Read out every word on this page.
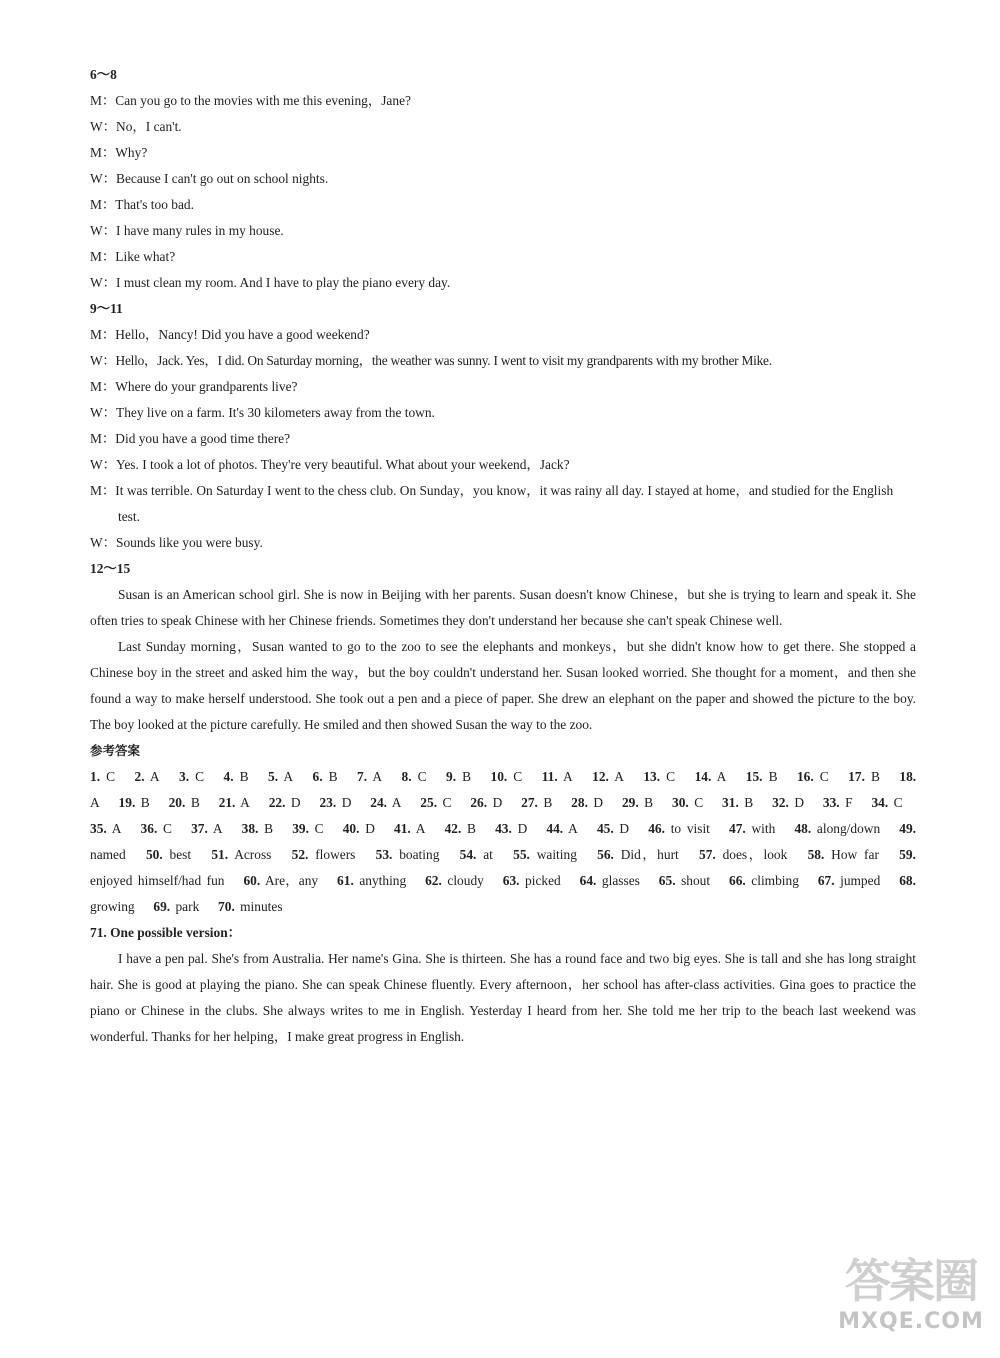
6～8

M：Can you go to the movies with me this evening，Jane?

W：No，I can't.

M：Why?

W：Because I can't go out on school nights.

M：That's too bad.

W：I have many rules in my house.

M：Like what?

W：I must clean my room. And I have to play the piano every day.

9～11

M：Hello，Nancy! Did you have a good weekend?

W：Hello，Jack. Yes，I did. On Saturday morning，the weather was sunny. I went to visit my grandparents with my brother Mike.

M：Where do your grandparents live?

W：They live on a farm. It's 30 kilometers away from the town.

M：Did you have a good time there?

W：Yes. I took a lot of photos. They're very beautiful. What about your weekend，Jack?

M：It was terrible. On Saturday I went to the chess club. On Sunday，you know，it was rainy all day. I stayed at home，and studied for the English test.

W：Sounds like you were busy.

12～15

Susan is an American school girl. She is now in Beijing with her parents. Susan doesn't know Chinese，but she is trying to learn and speak it. She often tries to speak Chinese with her Chinese friends. Sometimes they don't understand her because she can't speak Chinese well.

Last Sunday morning，Susan wanted to go to the zoo to see the elephants and monkeys，but she didn't know how to get there. She stopped a Chinese boy in the street and asked him the way，but the boy couldn't understand her. Susan looked worried. She thought for a moment，and then she found a way to make herself understood. She took out a pen and a piece of paper. She drew an elephant on the paper and showed the picture to the boy. The boy looked at the picture carefully. He smiled and then showed Susan the way to the zoo.

参考答案

1. C  2. A  3. C  4. B  5. A  6. B  7. A  8. C  9. B  10. C  11. A  12. A  13. C  14. A  15. B  16. C  17. B  18. A  19. B  20. B  21. A  22. D  23. D  24. A  25. C  26. D  27. B  28. D  29. B  30. C  31. B  32. D  33. F  34. C  35. A  36. C  37. A  38. B  39. C  40. D  41. A  42. B  43. D  44. A  45. D  46. to visit  47. with  48. along/down  49. named  50. best  51. Across  52. flowers  53. boating  54. at  55. waiting  56. Did，hurt  57. does，look  58. How far  59. enjoyed himself/had fun  60. Are，any  61. anything  62. cloudy  63. picked  64. glasses  65. shout  66. climbing  67. jumped  68. growing  69. park  70. minutes 

71. One possible version：

I have a pen pal. She's from Australia. Her name's Gina. She is thirteen. She has a round face and two big eyes. She is tall and she has long straight hair. She is good at playing the piano. She can speak Chinese fluently. Every afternoon，her school has after-class activities. Gina goes to practice the piano or Chinese in the clubs. She always writes to me in English. Yesterday I heard from her. She told me her trip to the beach last weekend was wonderful. Thanks for her helping，I make great progress in English.

答案圈
MXQE.COM
